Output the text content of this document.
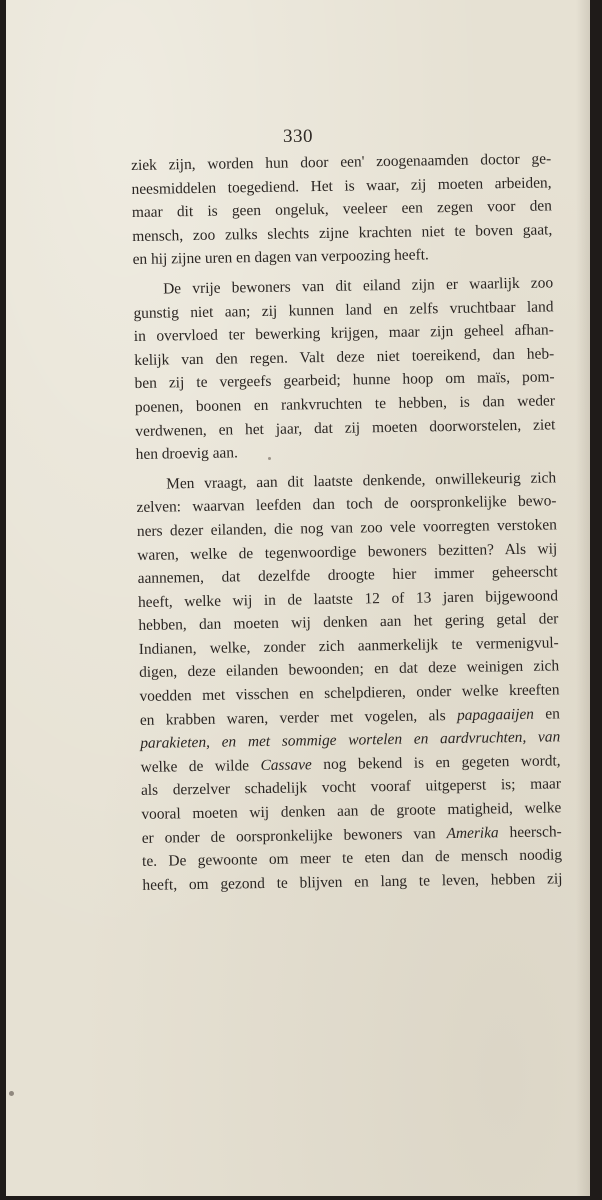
330
ziek zijn, worden hun door een' zoogenaamden doctor ge-
neesmiddelen toegediend. Het is waar, zij moeten arbeiden,
maar dit is geen ongeluk, veeleer een zegen voor den
mensch, zoo zulks slechts zijne krachten niet te boven gaat,
en hij zijne uren en dagen van verpoozing heeft.
De vrije bewoners van dit eiland zijn er waarlijk zoo
gunstig niet aan; zij kunnen land en zelfs vruchtbaar land
in overvloed ter bewerking krijgen, maar zijn geheel afhan-
kelijk van den regen. Valt deze niet toereikend, dan heb-
ben zij te vergeefs gearbeid; hunne hoop om maïs, pom-
poenen, boonen en rankvruchten te hebben, is dan weder
verdwenen, en het jaar, dat zij moeten doorworstelen, ziet
hen droevig aan.
Men vraagt, aan dit laatste denkende, onwillekeurig zich
zelven: waarvan leefden dan toch de oorspronkelijke bewo-
ners dezer eilanden, die nog van zoo vele voorregten verstoken
waren, welke de tegenwoordige bewoners bezitten? Als wij
aannemen, dat dezelfde droogte hier immer geheerscht
heeft, welke wij in de laatste 12 of 13 jaren bijgewoond
hebben, dan moeten wij denken aan het gering getal der
Indianen, welke, zonder zich aanmerkelijk te vermenigvul-
digen, deze eilanden bewoonden; en dat deze weinigen zich
voedden met visschen en schelpdieren, onder welke kreeften
en krabben waren, verder met vogelen, als papagaaijen en
parakieten, en met sommige wortelen en aardvruchten, van
welke de wilde Cassave nog bekend is en gegeten wordt,
als derzelver schadelijk vocht vooraf uitgeperst is; maar
vooral moeten wij denken aan de groote matigheid, welke
er onder de oorspronkelijke bewoners van Amerika heersch-
te. De gewoonte om meer te eten dan de mensch noodig
heeft, om gezond te blijven en lang te leven, hebben zij
